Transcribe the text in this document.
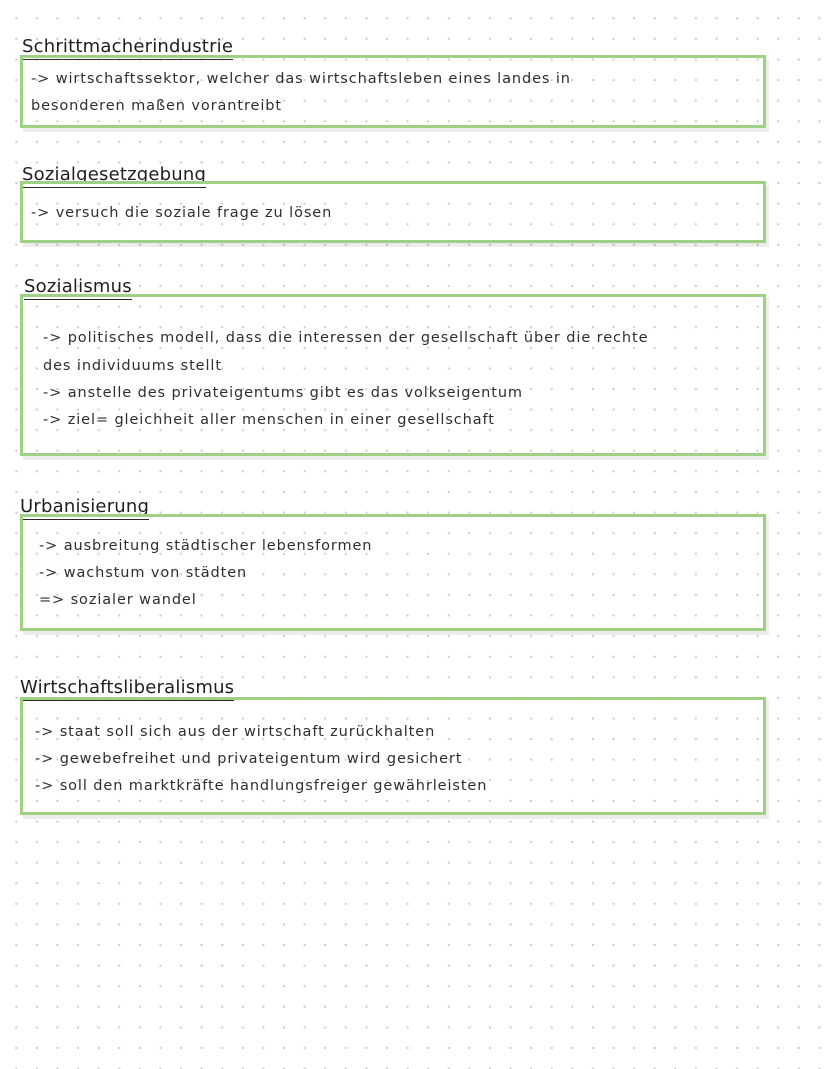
Schrittmacherindustrie
-> wirtschaftssektor, welcher das wirtschaftsleben eines landes in
besonderen maßen vorantreibt
Sozialgesetzgebung
-> versuch die soziale frage zu lösen
Sozialismus
-> politisches modell, dass die interessen der gesellschaft über die rechte
des individuums stellt
-> anstelle des privateigentums gibt es das volkseigentum
-> ziel= gleichheit aller menschen in einer gesellschaft
Urbanisierung
-> ausbreitung städtischer lebensformen
-> wachstum von städten
=> sozialer wandel
Wirtschaftsliberalismus
-> staat soll sich aus der wirtschaft zurückhalten
-> gewebefreihet und privateigentum wird gesichert
-> soll den marktkräfte handlungsfreiger gewährleisten
